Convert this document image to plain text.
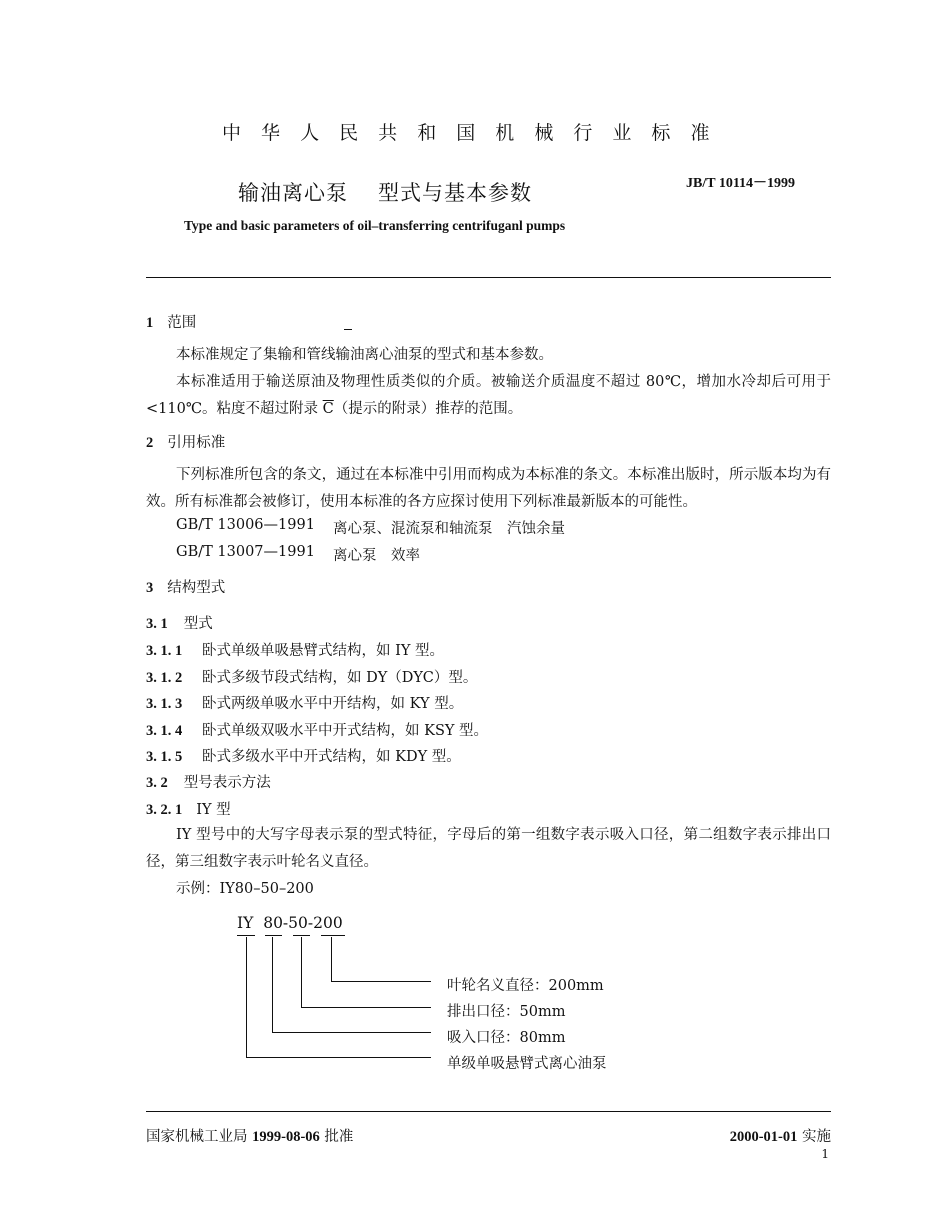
中 华 人 民 共 和 国 机 械 行 业 标 准
JB/T 10114－1999
输油离心泵 型式与基本参数
Type and basic parameters of oil–transferring centrifuganl pumps
1 范围
本标准规定了集输和管线输油离心油泵的型式和基本参数。
本标准适用于输送原油及物理性质类似的介质。被输送介质温度不超过 80℃，增加水冷却后可用于<110℃。粘度不超过附录 $\overline{C}$（提示的附录）推荐的范围。
2 引用标准
下列标准所包含的条文，通过在本标准中引用而构成为本标准的条文。本标准出版时，所示版本均为有效。所有标准都会被修订，使用本标准的各方应探讨使用下列标准最新版本的可能性。
GB/T 13006—1991 离心泵、混流泵和轴流泵　汽蚀余量
GB/T 13007—1991 离心泵　效率
3 结构型式
3. 1 型式
3. 1. 1 卧式单级单吸悬臂式结构，如 IY 型。
3. 1. 2 卧式多级节段式结构，如 DY（DYC）型。
3. 1. 3 卧式两级单吸水平中开结构，如 KY 型。
3. 1. 4 卧式单级双吸水平中开式结构，如 KSY 型。
3. 1. 5 卧式多级水平中开式结构，如 KDY 型。
3. 2 型号表示方法
3. 2. 1 IY 型
IY 型号中的大写字母表示泵的型式特征，字母后的第一组数字表示吸入口径，第二组数字表示排出口径，第三组数字表示叶轮名义直径。
示例：IY80–50–200
IY  80-50-200
叶轮名义直径：200mm
排出口径：50mm
吸入口径：80mm
单级单吸悬臂式离心油泵
国家机械工业局 1999-08-06 批准	2000-01-01 实施
1
